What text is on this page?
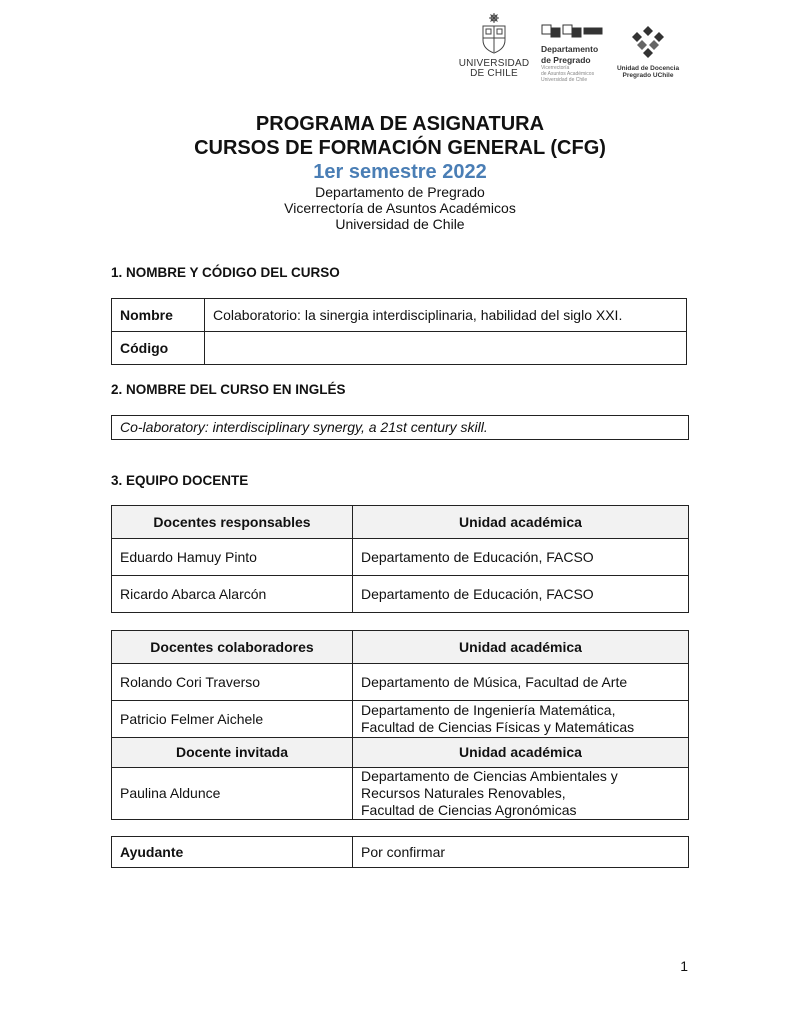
UNIVERSIDAD
DE CHILE
Departamento
de Pregrado
Vicerrectoría
de Asuntos Académicos
Universidad de Chile
Unidad de Docencia
Pregrado UChile
PROGRAMA DE ASIGNATURA
CURSOS DE FORMACIÓN GENERAL (CFG)
1er semestre 2022
Departamento de Pregrado
Vicerrectoría de Asuntos Académicos
Universidad de Chile
1. NOMBRE Y CÓDIGO DEL CURSO
Nombre	Colaboratorio: la sinergia interdisciplinaria, habilidad del siglo XXI.
Código	
2. NOMBRE DEL CURSO EN INGLÉS
Co-laboratory: interdisciplinary synergy, a 21st century skill.
3. EQUIPO DOCENTE
Docentes responsables	Unidad académica
Eduardo Hamuy Pinto	Departamento de Educación, FACSO
Ricardo Abarca Alarcón	Departamento de Educación, FACSO
Docentes colaboradores	Unidad académica
Rolando Cori Traverso	Departamento de Música, Facultad de Arte
Patricio Felmer Aichele	Departamento de Ingeniería Matemática,
Facultad de Ciencias Físicas y Matemáticas

Docente invitada	Unidad académica
Paulina Aldunce	Departamento de Ciencias Ambientales y
Recursos Naturales Renovables,
Facultad de Ciencias Agronómicas
Ayudante	Por confirmar
1
